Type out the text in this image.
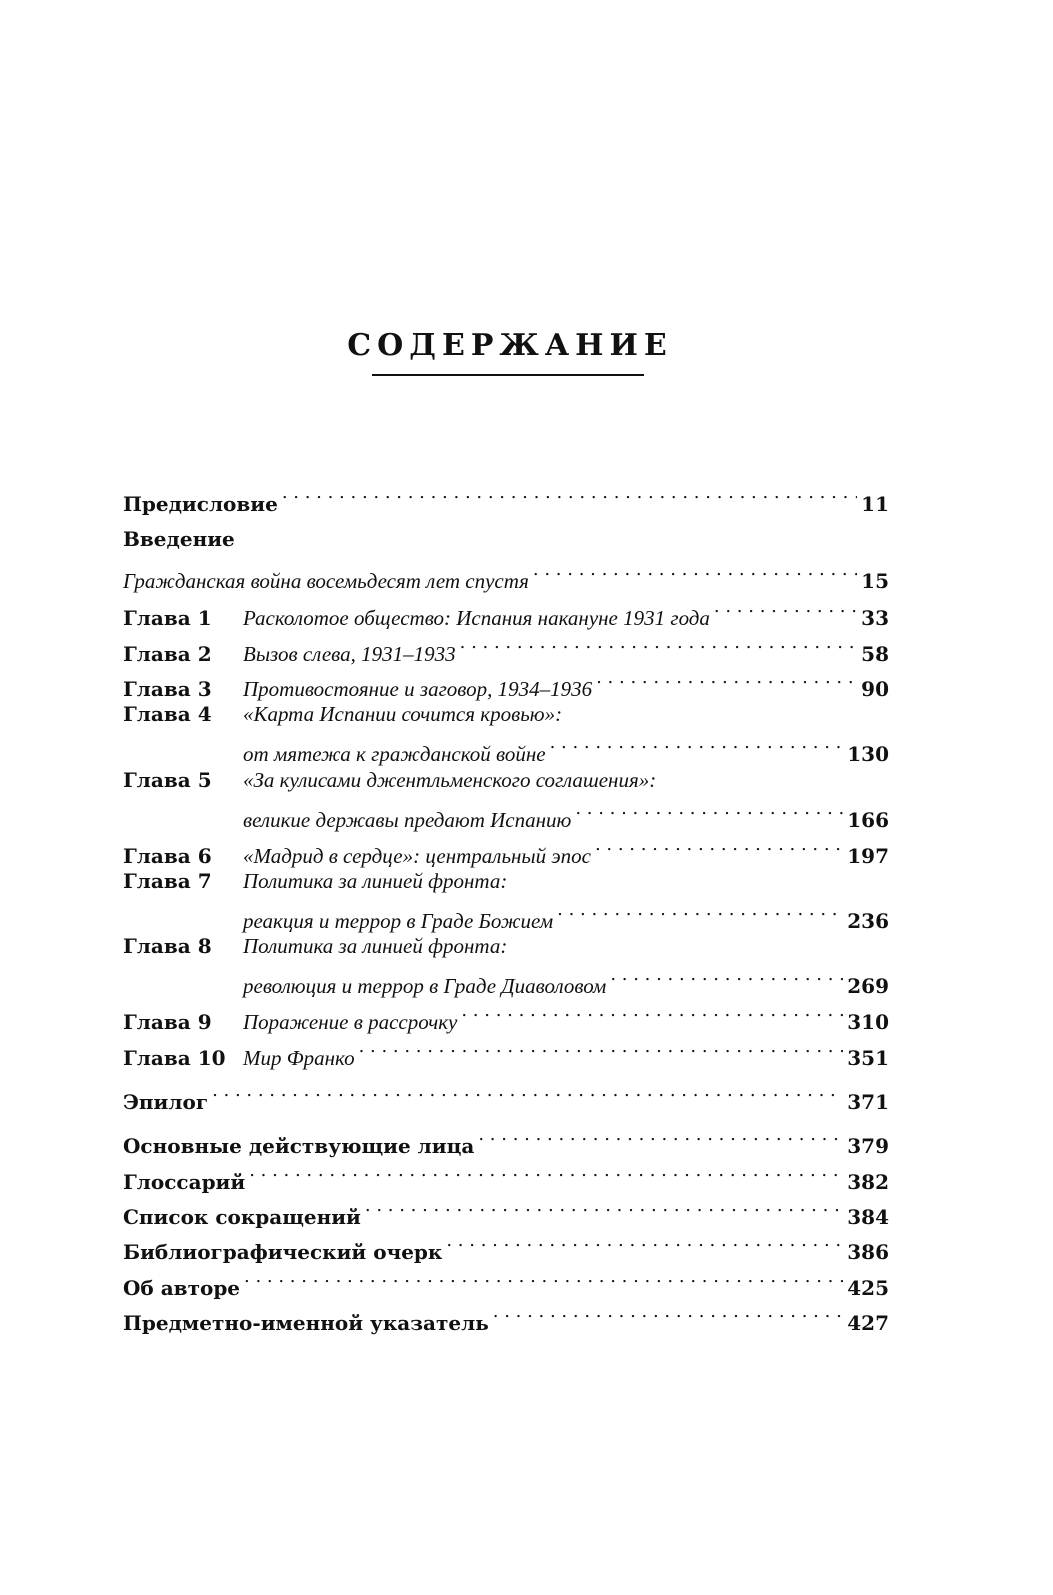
СОДЕРЖАНИЕ
Предисловие . . .	11
Введение
Гражданская война восемьдесят лет спустя . . .	15
Глава 1	Расколотое общество: Испания накануне 1931 года . . .	33
Глава 2	Вызов слева, 1931–1933 . . .	58
Глава 3	Противостояние и заговор, 1934–1936 . . .	90
Глава 4	«Карта Испании сочится кровью»:
от мятежа к гражданской войне . . .	130
Глава 5	«За кулисами джентльменского соглашения»:
великие державы предают Испанию . . .	166
Глава 6	«Мадрид в сердце»: центральный эпос . . .	197
Глава 7	Политика за линией фронта:
реакция и террор в Граде Божием . . .	236
Глава 8	Политика за линией фронта:
революция и террор в Граде Диаволовом . . .	269
Глава 9	Поражение в рассрочку . . .	310
Глава 10 Мир Франко . . .	351
Эпилог . . .	371
Основные действующие лица . . .	379
Глоссарий . . .	382
Список сокращений . . .	384
Библиографический очерк . . .	386
Об авторе . . .	425
Предметно-именной указатель . . .	427
